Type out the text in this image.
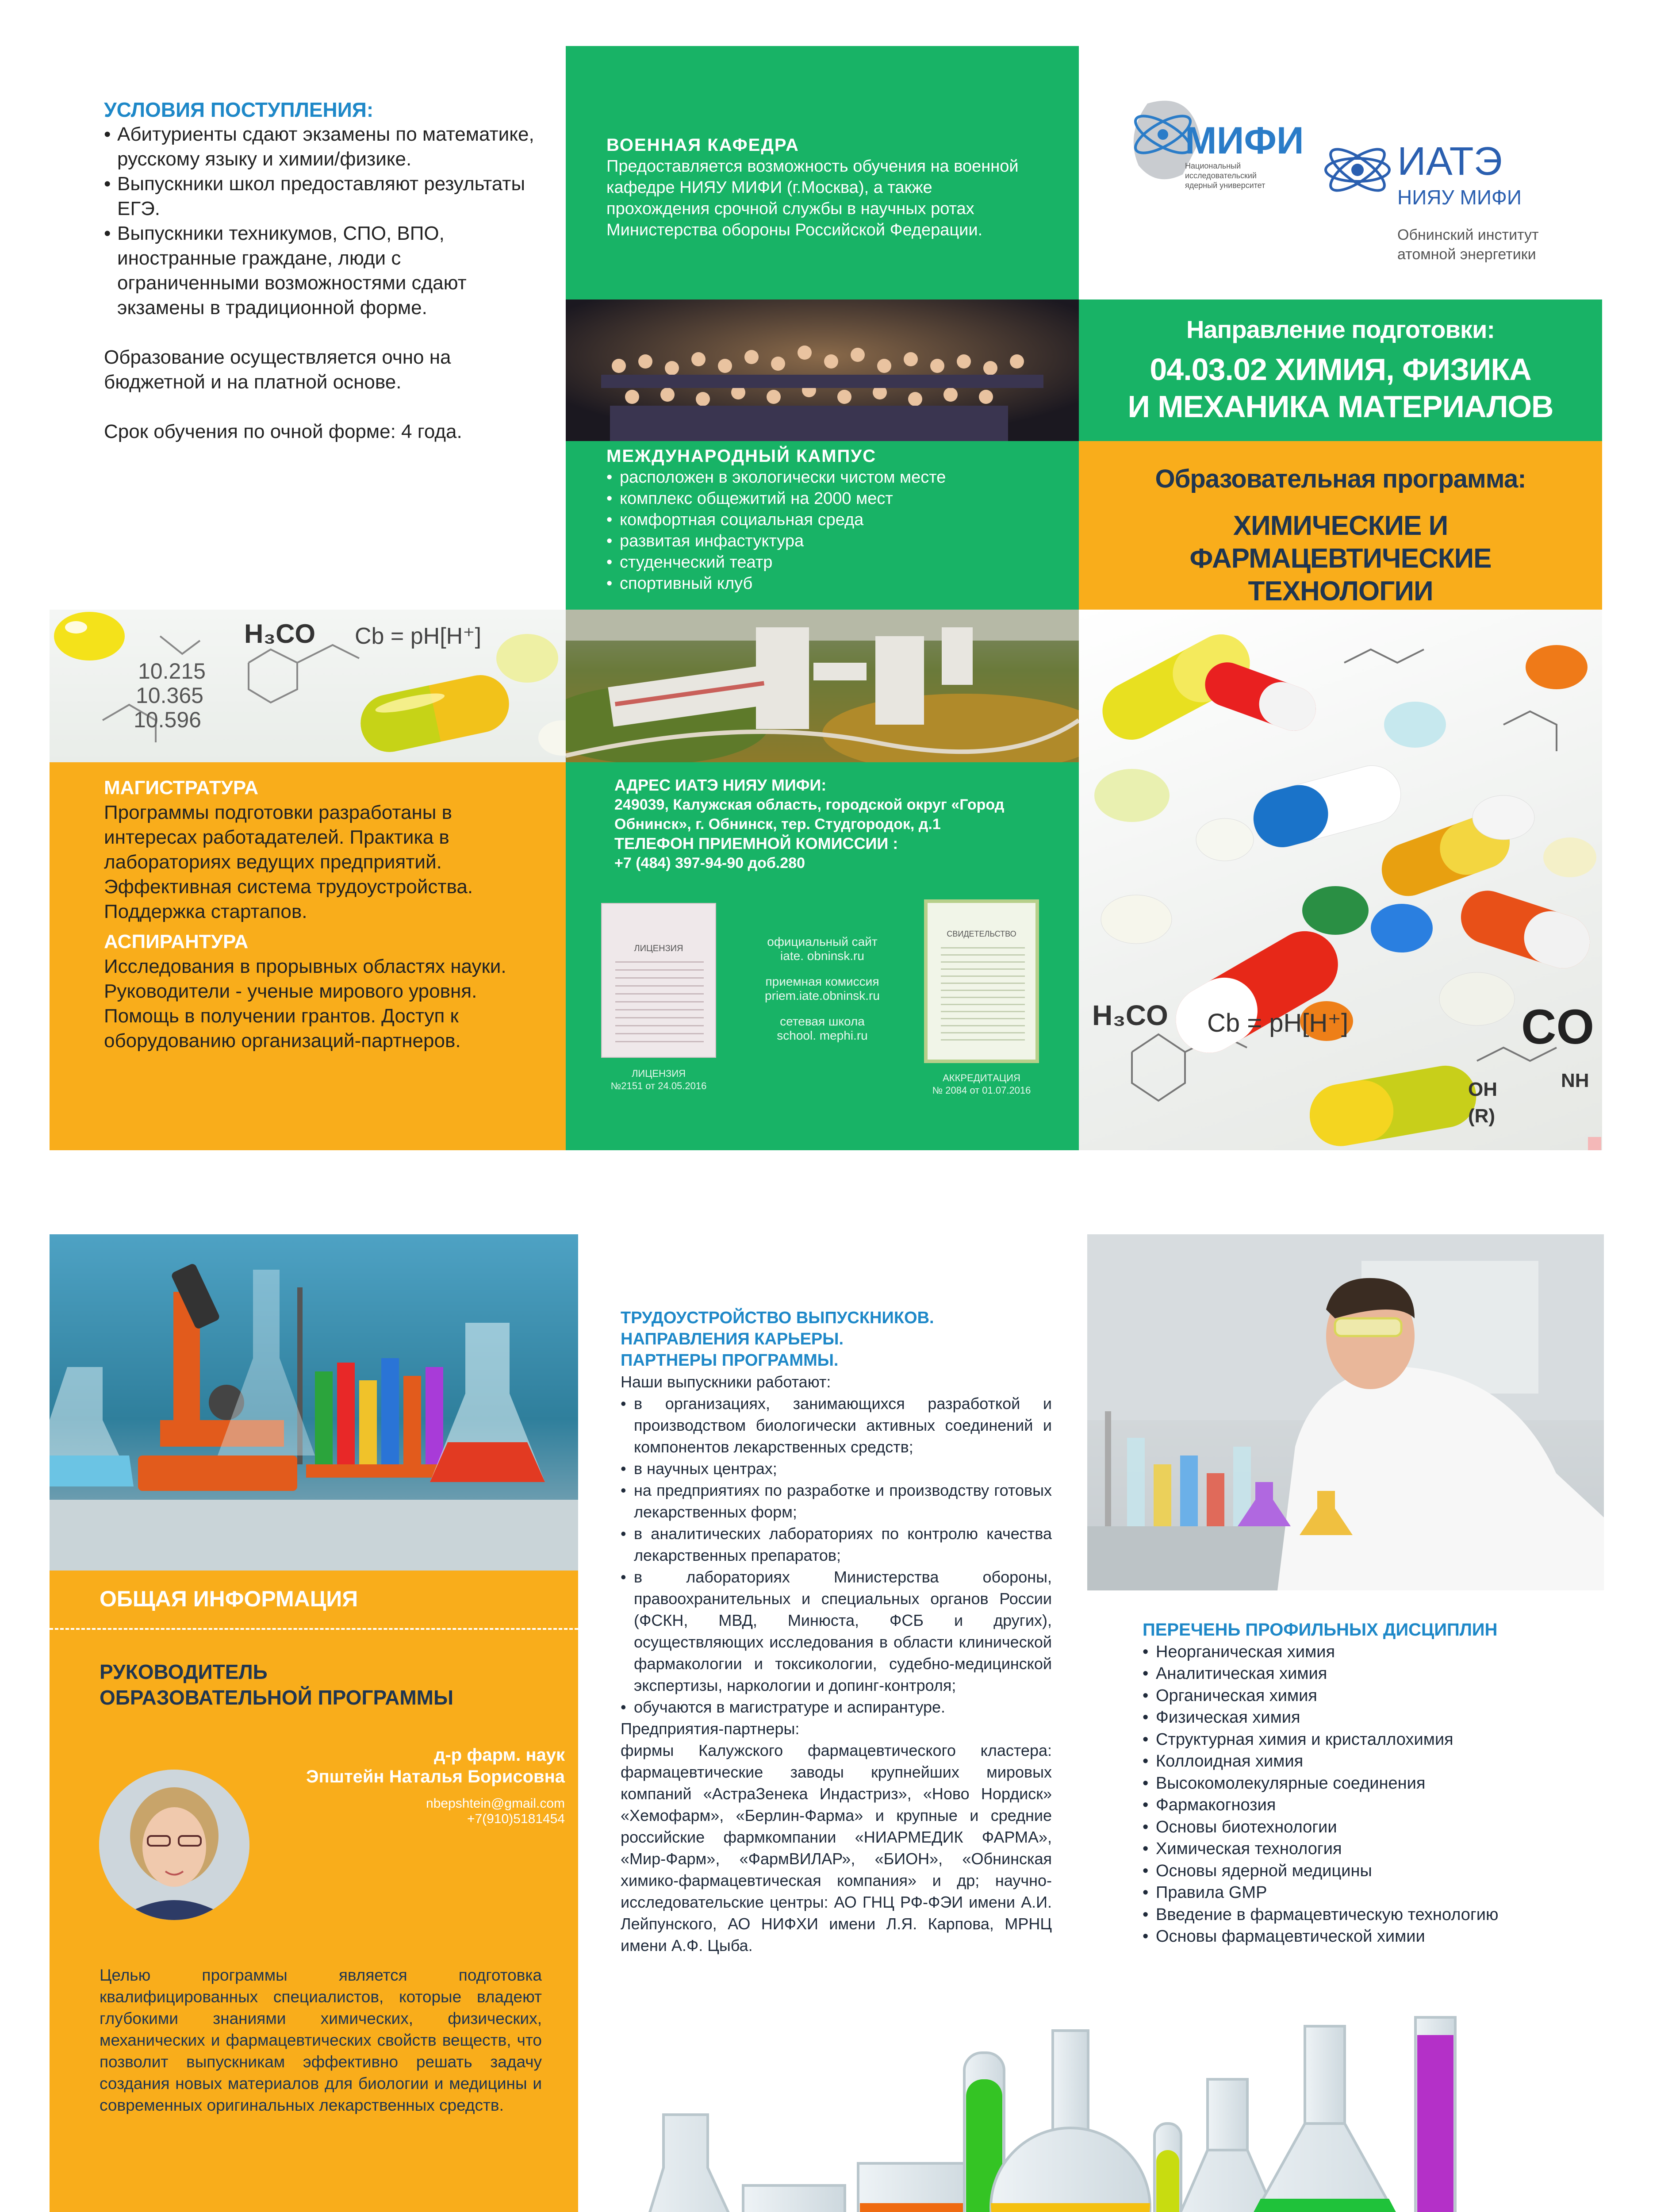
УСЛОВИЯ ПОСТУПЛЕНИЯ:
• Абитуриенты сдают экзамены по математике, русскому языку и химии/физике.
• Выпускники школ предоставляют результаты ЕГЭ.
• Выпускники техникумов, СПО, ВПО, иностранные граждане, люди с ограниченными возможностями сдают экзамены в традиционной форме.
Образование осуществляется очно на бюджетной и на платной основе.
Срок обучения по очной форме: 4 года.
H₃CO Cb = pH[H⁺]
10.215
10.365
10.596
МАГИСТРАТУРА
Программы подготовки разработаны в интересах работадателей. Практика в лабораториях ведущих предприятий. Эффективная система трудоустройства. Поддержка стартапов.
АСПИРАНТУРА
Исследования в прорывных областях науки. Руководители - ученые мирового уровня. Помощь в получении грантов. Доступ к оборудованию организаций-партнеров.
ВОЕННАЯ КАФЕДРА
Предоставляется возможность обучения на военной кафедре НИЯУ МИФИ (г.Москва), а также прохождения срочной службы в научных ротах Министерства обороны Российской Федерации.
МЕЖДУНАРОДНЫЙ КАМПУС
• расположен в экологически чистом месте
• комплекс общежитий на 2000 мест
• комфортная социальная среда
• развитая инфастуктура
• студенческий театр
• спортивный клуб
АДРЕС ИАТЭ НИЯУ МИФИ:
249039, Калужская область, городской округ «Город Обнинск», г. Обнинск, тер. Студгородок, д.1
ТЕЛЕФОН ПРИЕМНОЙ КОМИССИИ :
+7 (484) 397-94-90 доб.280
ЛИЦЕНЗИЯ
ЛИЦЕНЗИЯ
№2151 от 24.05.2016
официальный сайт
iate. obninsk.ru
приемная комиссия
priem.iate.obninsk.ru
сетевая школа
school. mephi.ru
СВИДЕТЕЛЬСТВО
АККРЕДИТАЦИЯ
№ 2084 от 01.07.2016
МИФИ
Национальный исследовательский ядерный университет
ИАТЭ
НИЯУ МИФИ
Обнинский институт атомной энергетики
Направление подготовки:
04.03.02 ХИМИЯ, ФИЗИКА
И МЕХАНИКА МАТЕРИАЛОВ
Образовательная программа:
ХИМИЧЕСКИЕ И ФАРМАЦЕВТИЧЕСКИЕ
ТЕХНОЛОГИИ
H₃CO Cb = pH[H⁺]	CO
OH	NH
(R)
ОБЩАЯ ИНФОРМАЦИЯ
РУКОВОДИТЕЛЬ
ОБРАЗОВАТЕЛЬНОЙ ПРОГРАММЫ
д-р фарм. наук
Эпштейн Наталья Борисовна
nbepshtein@gmail.com
+7(910)5181454
Целью программы является подготовка квалифицированных специалистов, которые владеют глубокими знаниями химических, физических, механических и фармацевтических свойств веществ, что позволит выпускникам эффективно решать задачу создания новых материалов для биологии и медицины и современных оригинальных лекарственных средств.
ТРУДОУСТРОЙСТВО ВЫПУСКНИКОВ.
НАПРАВЛЕНИЯ КАРЬЕРЫ.
ПАРТНЕРЫ ПРОГРАММЫ.
Наши выпускники работают:
• в организациях, занимающихся разработкой и производством биологически активных соединений и компонентов лекарственных средств;
• в научных центрах;
• на предприятиях по разработке и производству готовых лекарственных форм;
• в аналитических лабораториях по контролю качества лекарственных препаратов;
• в лабораториях Министерства обороны, правоохранительных и специальных органов России (ФСКН, МВД, Минюста, ФСБ и других), осуществляющих исследования в области клинической фармакологии и токсикологии, судебно-медицинской экспертизы, наркологии и допинг-контроля;
• обучаются в магистратуре и аспирантуре.
Предприятия-партнеры:
фирмы Калужского фармацевтического кластера: фармацевтические заводы крупнейших мировых компаний «АстраЗенека Индастриз», «Ново Нордиск» «Хемофарм», «Берлин-Фарма» и крупные и средние российские фармкомпании «НИАРМЕДИК ФАРМА», «Мир-Фарм», «ФармВИЛАР», «БИОН», «Обнинская химико-фармацевтическая компания» и др; научно-исследовательские центры: АО ГНЦ РФ-ФЭИ имени А.И. Лейпунского, АО НИФХИ имени Л.Я. Карпова, МРНЦ имени А.Ф. Цыба.
ПЕРЕЧЕНЬ ПРОФИЛЬНЫХ ДИСЦИПЛИН
• Неорганическая химия
• Аналитическая химия
• Органическая химия
• Физическая химия
• Структурная химия и кристаллохимия
• Коллоидная химия
• Высокомолекулярные соединения
• Фармакогнозия
• Основы биотехнологии
• Химическая технология
• Основы ядерной медицины
• Правила GMP
• Введение в фармацевтическую технологию
• Основы фармацевтической химии
